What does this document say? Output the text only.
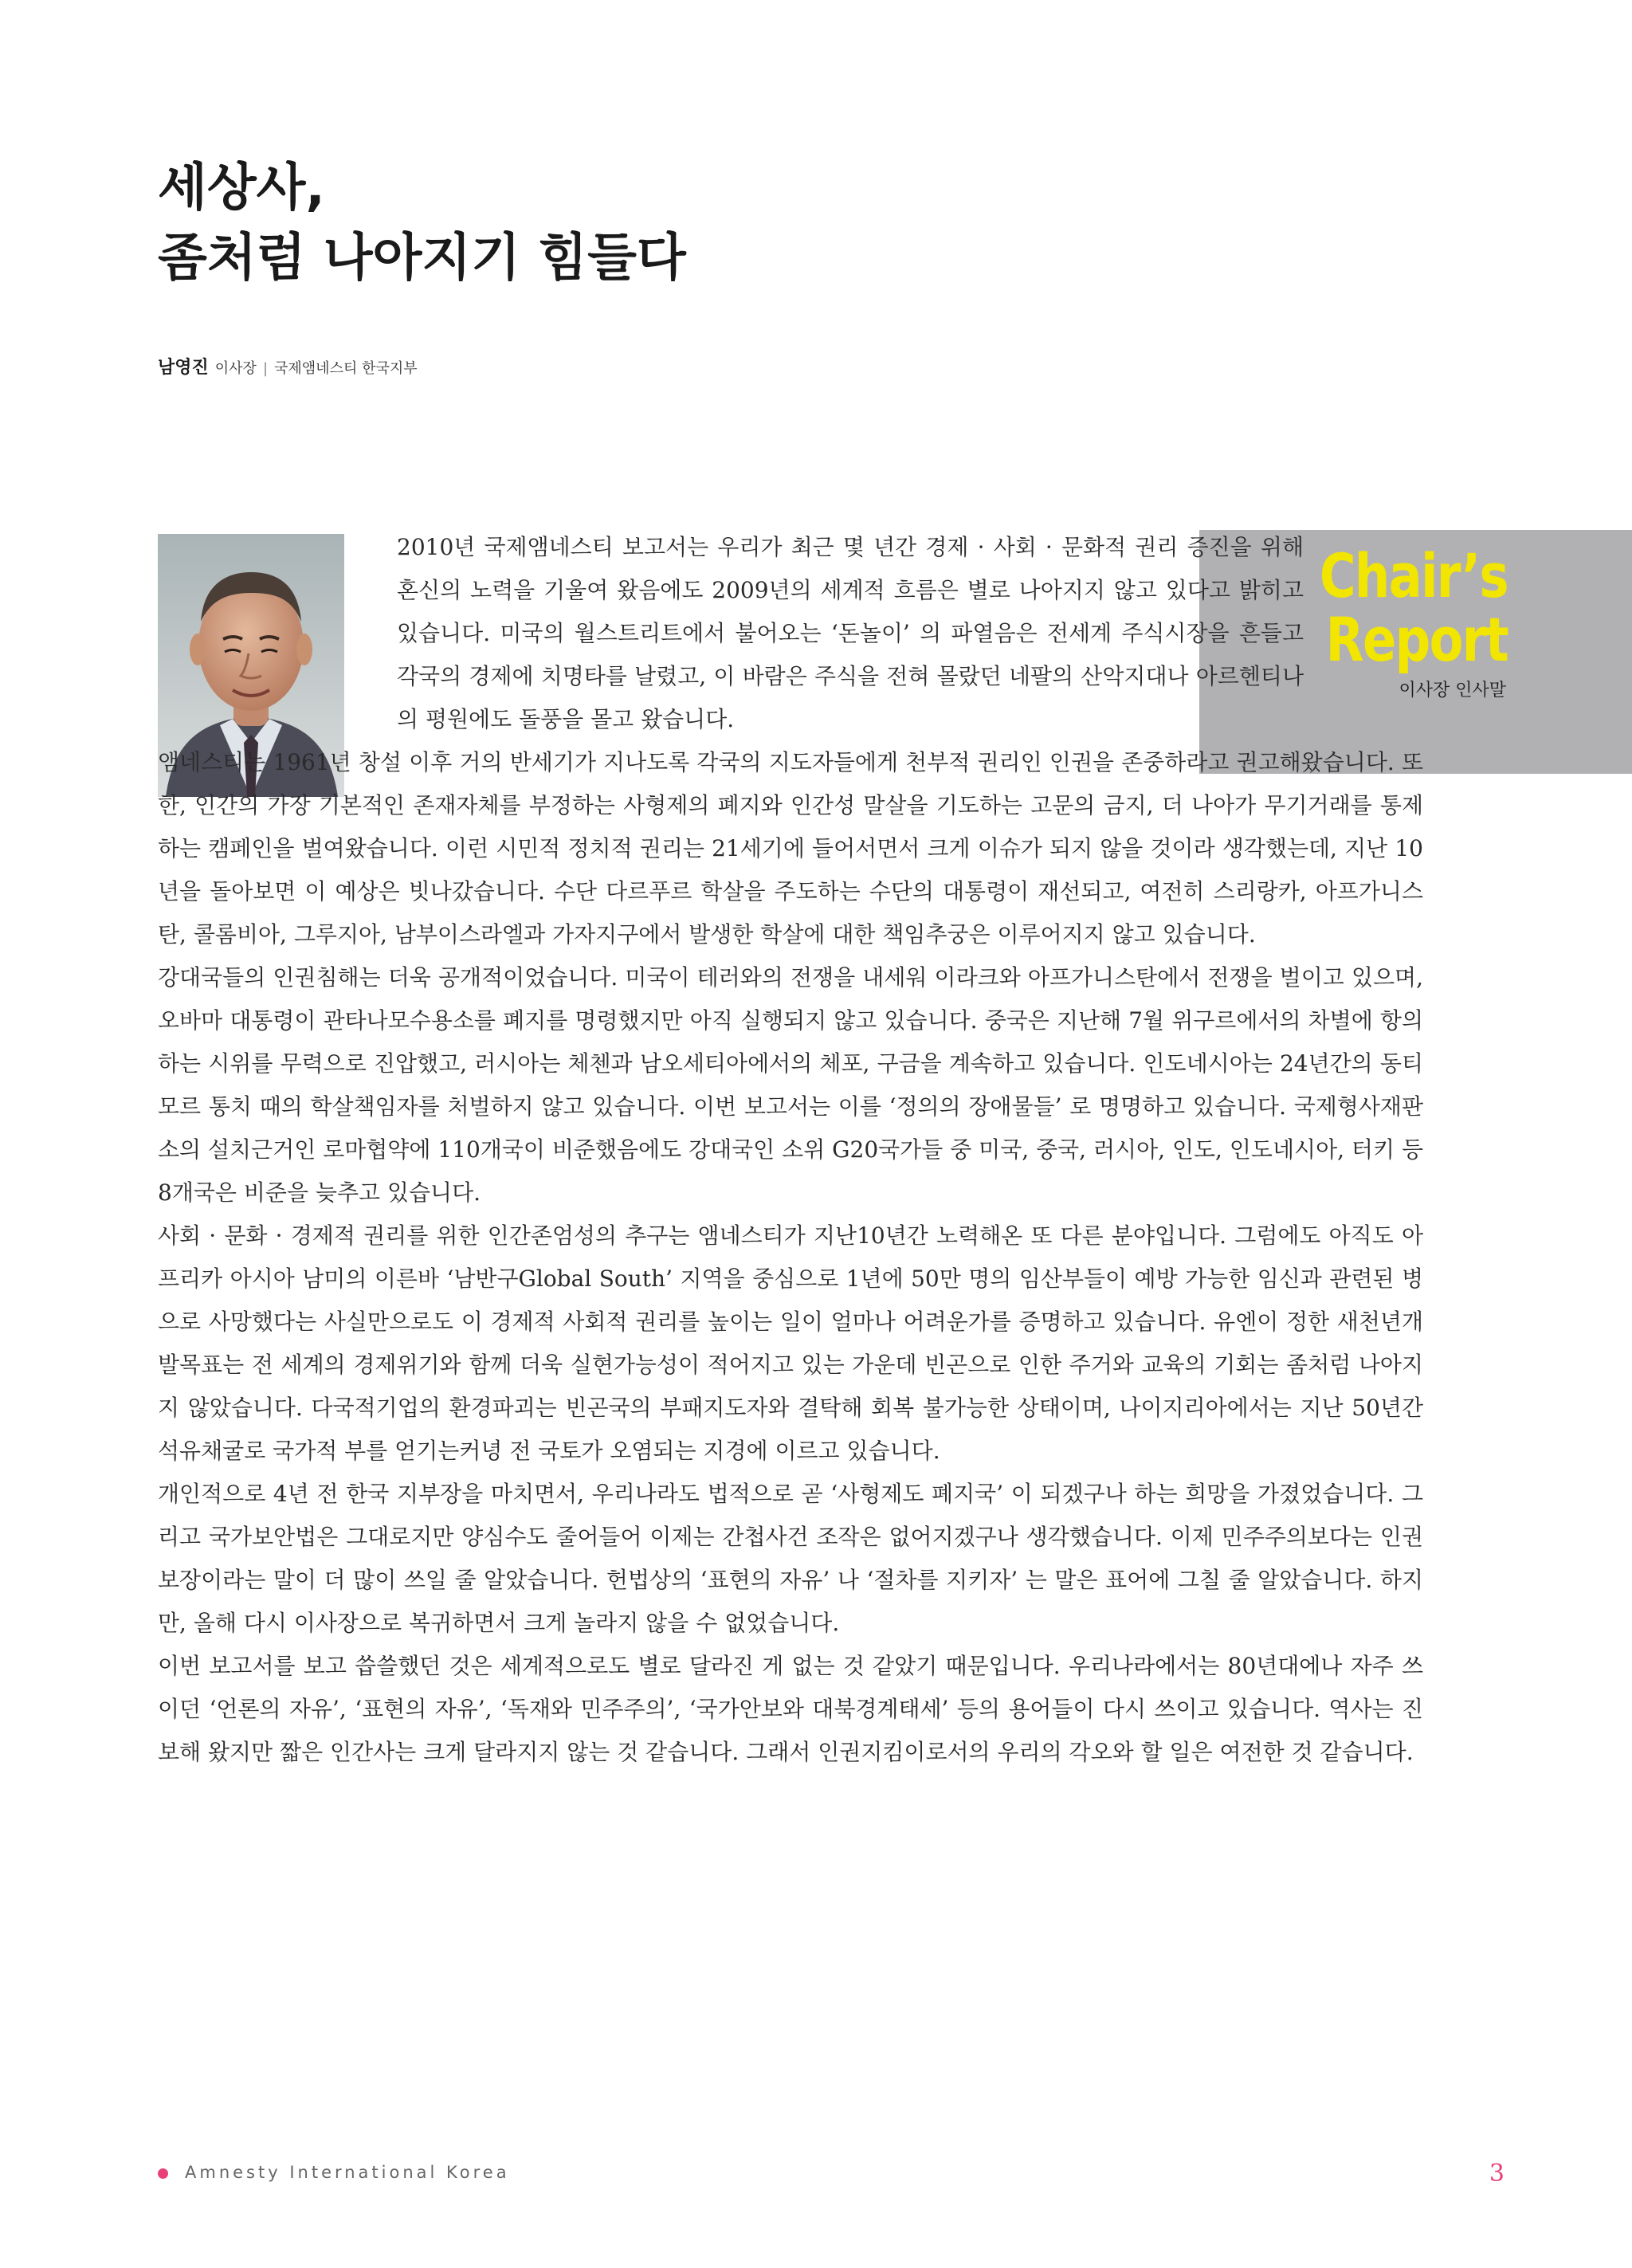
세상사,
좀처럼 나아지기 힘들다
남영진 이사장 | 국제앰네스티 한국지부
Chair’s
Report
이사장 인사말

2010년 국제앰네스티 보고서는 우리가 최근 몇 년간 경제 · 사회 · 문화적 권리 증진을 위해 혼신의 노력을 기울여 왔음에도 2009년의 세계적 흐름은 별로 나아지지 않고 있다고 밝히고 있습니다. 미국의 월스트리트에서 불어오는 ‘돈놀이’ 의 파열음은 전세계 주식시장을 흔들고 각국의 경제에 치명타를 날렸고, 이 바람은 주식을 전혀 몰랐던 네팔의 산악지대나 아르헨티나의 평원에도 돌풍을 몰고 왔습니다.

앰네스티는 1961년 창설 이후 거의 반세기가 지나도록 각국의 지도자들에게 천부적 권리인 인권을 존중하라고 권고해왔습니다. 또한, 인간의 가장 기본적인 존재자체를 부정하는 사형제의 폐지와 인간성 말살을 기도하는 고문의 금지, 더 나아가 무기거래를 통제하는 캠페인을 벌여왔습니다. 이런 시민적 정치적 권리는 21세기에 들어서면서 크게 이슈가 되지 않을 것이라 생각했는데, 지난 10년을 돌아보면 이 예상은 빗나갔습니다. 수단 다르푸르 학살을 주도하는 수단의 대통령이 재선되고, 여전히 스리랑카, 아프가니스탄, 콜롬비아, 그루지아, 남부이스라엘과 가자지구에서 발생한 학살에 대한 책임추궁은 이루어지지 않고 있습니다.

강대국들의 인권침해는 더욱 공개적이었습니다. 미국이 테러와의 전쟁을 내세워 이라크와 아프가니스탄에서 전쟁을 벌이고 있으며, 오바마 대통령이 관타나모수용소를 폐지를 명령했지만 아직 실행되지 않고 있습니다. 중국은 지난해 7월 위구르에서의 차별에 항의하는 시위를 무력으로 진압했고, 러시아는 체첸과 남오세티아에서의 체포, 구금을 계속하고 있습니다. 인도네시아는 24년간의 동티모르 통치 때의 학살책임자를 처벌하지 않고 있습니다. 이번 보고서는 이를 ‘정의의 장애물들’ 로 명명하고 있습니다. 국제형사재판소의 설치근거인 로마협약에 110개국이 비준했음에도 강대국인 소위 G20국가들 중 미국, 중국, 러시아, 인도, 인도네시아, 터키 등 8개국은 비준을 늦추고 있습니다.

사회 · 문화 · 경제적 권리를 위한 인간존엄성의 추구는 앰네스티가 지난10년간 노력해온 또 다른 분야입니다. 그럼에도 아직도 아프리카 아시아 남미의 이른바 ‘남반구Global South’ 지역을 중심으로 1년에 50만 명의 임산부들이 예방 가능한 임신과 관련된 병으로 사망했다는 사실만으로도 이 경제적 사회적 권리를 높이는 일이 얼마나 어려운가를 증명하고 있습니다. 유엔이 정한 새천년개발목표는 전 세계의 경제위기와 함께 더욱 실현가능성이 적어지고 있는 가운데 빈곤으로 인한 주거와 교육의 기회는 좀처럼 나아지지 않았습니다. 다국적기업의 환경파괴는 빈곤국의 부패지도자와 결탁해 회복 불가능한 상태이며, 나이지리아에서는 지난 50년간 석유채굴로 국가적 부를 얻기는커녕 전 국토가 오염되는 지경에 이르고 있습니다.

개인적으로 4년 전 한국 지부장을 마치면서, 우리나라도 법적으로 곧 ‘사형제도 폐지국’ 이 되겠구나 하는 희망을 가졌었습니다. 그리고 국가보안법은 그대로지만 양심수도 줄어들어 이제는 간첩사건 조작은 없어지겠구나 생각했습니다. 이제 민주주의보다는 인권보장이라는 말이 더 많이 쓰일 줄 알았습니다. 헌법상의 ‘표현의 자유’ 나 ‘절차를 지키자’ 는 말은 표어에 그칠 줄 알았습니다. 하지만, 올해 다시 이사장으로 복귀하면서 크게 놀라지 않을 수 없었습니다.

이번 보고서를 보고 씁쓸했던 것은 세계적으로도 별로 달라진 게 없는 것 같았기 때문입니다. 우리나라에서는 80년대에나 자주 쓰이던 ‘언론의 자유’, ‘표현의 자유’, ‘독재와 민주주의’, ‘국가안보와 대북경계태세’ 등의 용어들이 다시 쓰이고 있습니다. 역사는 진보해 왔지만 짧은 인간사는 크게 달라지지 않는 것 같습니다. 그래서 인권지킴이로서의 우리의 각오와 할 일은 여전한 것 같습니다.

Amnesty International Korea	3
